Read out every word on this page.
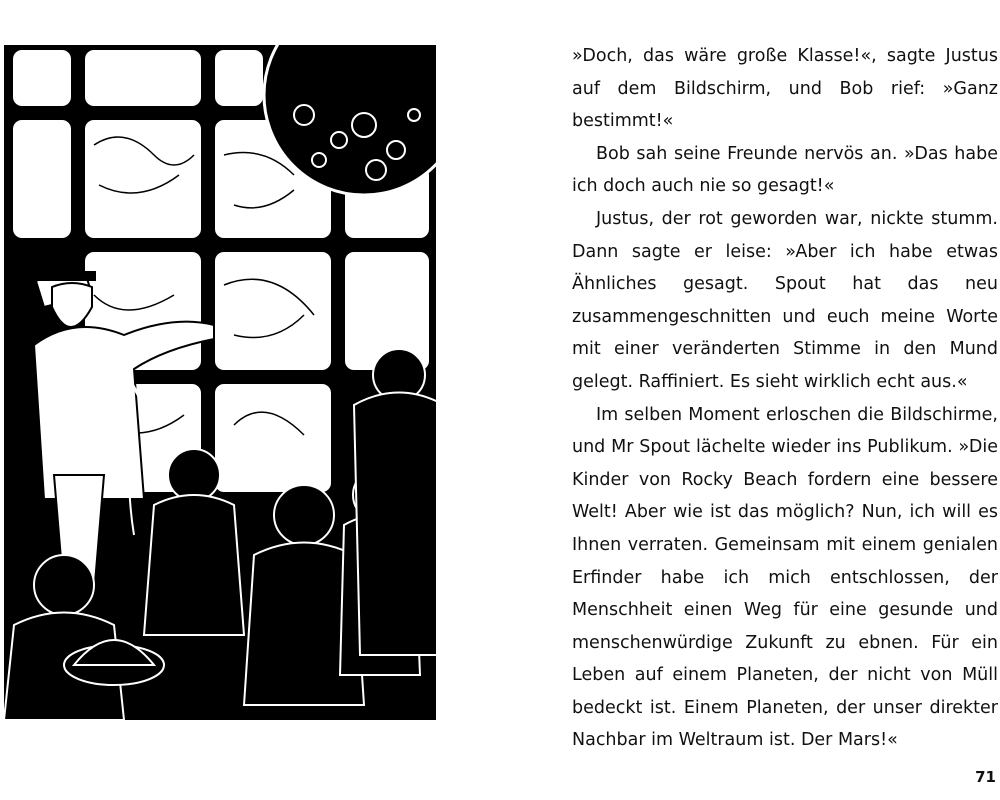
»Doch, das wäre große Klasse!«, sagte Justus auf dem Bildschirm, und Bob rief: »Ganz bestimmt!«

Bob sah seine Freunde nervös an. »Das habe ich doch auch nie so gesagt!«

Justus, der rot geworden war, nickte stumm. Dann sagte er leise: »Aber ich habe etwas Ähnliches gesagt. Spout hat das neu zusammengeschnitten und euch meine Worte mit einer veränderten Stimme in den Mund gelegt. Raffiniert. Es sieht wirklich echt aus.«

Im selben Moment erloschen die Bildschirme, und Mr Spout lächelte wieder ins Publikum. »Die Kinder von Rocky Beach fordern eine bessere Welt! Aber wie ist das möglich? Nun, ich will es Ihnen verraten. Gemeinsam mit einem genialen Erfinder habe ich mich entschlossen, der Menschheit einen Weg für eine gesunde und menschenwürdige Zukunft zu ebnen. Für ein Leben auf einem Planeten, der nicht von Müll bedeckt ist. Einem Planeten, der unser direkter Nachbar im Weltraum ist. Der Mars!«

71
